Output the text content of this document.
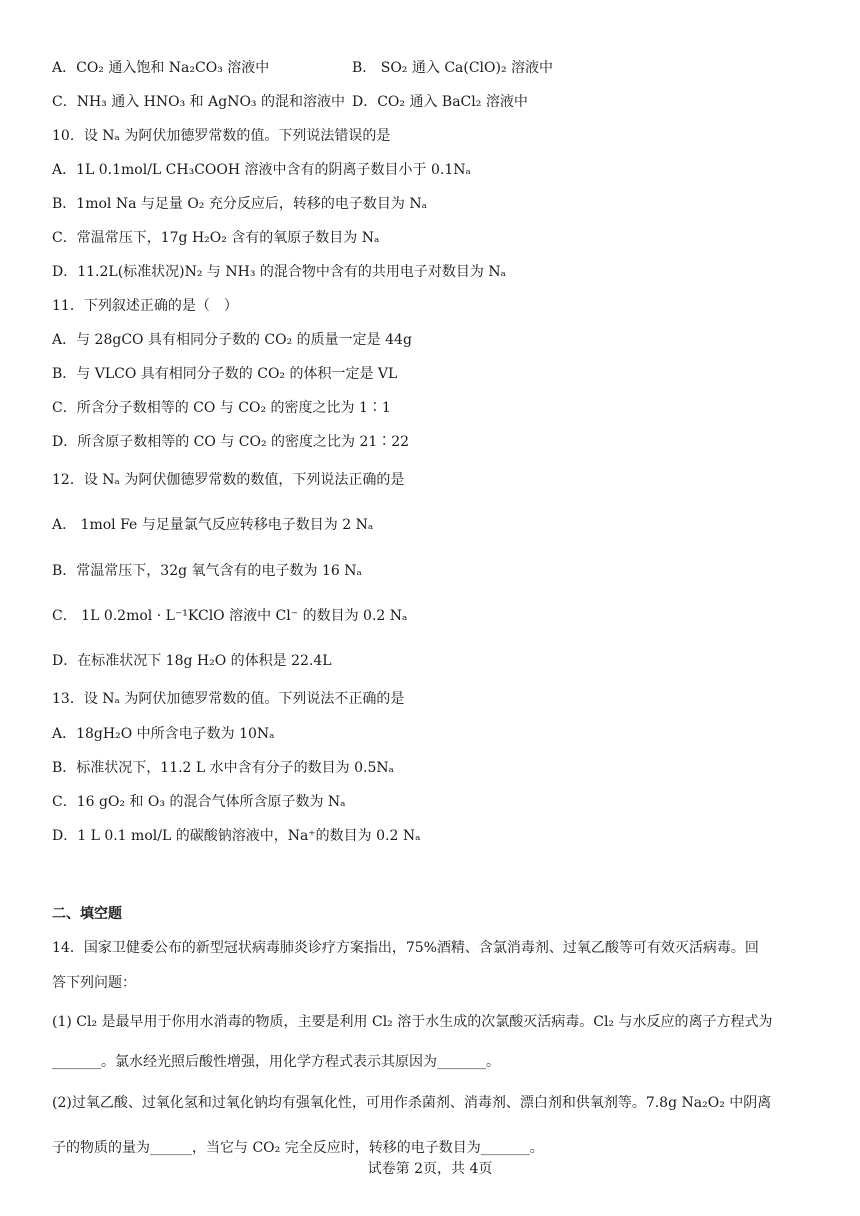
A．CO₂ 通入饱和 Na₂CO₃ 溶液中	B． SO₂ 通入 Ca(ClO)₂ 溶液中
C．NH₃ 通入 HNO₃ 和 AgNO₃ 的混和溶液中 D．CO₂ 通入 BaCl₂ 溶液中
10．设 Nₐ 为阿伏加德罗常数的值。下列说法错误的是
A．1L 0.1mol/L CH₃COOH 溶液中含有的阴离子数目小于 0.1Nₐ
B．1mol Na 与足量 O₂ 充分反应后，转移的电子数目为 Nₐ
C．常温常压下，17g H₂O₂ 含有的氧原子数目为 Nₐ
D．11.2L(标准状况)N₂ 与 NH₃ 的混合物中含有的共用电子对数目为 Nₐ
11．下列叙述正确的是（　）
A．与 28gCO 具有相同分子数的 CO₂ 的质量一定是 44g
B．与 VLCO 具有相同分子数的 CO₂ 的体积一定是 VL
C．所含分子数相等的 CO 与 CO₂ 的密度之比为 1∶1
D．所含原子数相等的 CO 与 CO₂ 的密度之比为 21∶22
12．设 Nₐ 为阿伏伽德罗常数的数值，下列说法正确的是
A． 1mol Fe 与足量氯气反应转移电子数目为 2 Nₐ
B．常温常压下，32g 氧气含有的电子数为 16 Nₐ
C． 1L 0.2mol · L⁻¹KClO 溶液中 Cl⁻ 的数目为 0.2 Nₐ
D．在标准状况下 18g H₂O 的体积是 22.4L
13．设 Nₐ 为阿伏加德罗常数的值。下列说法不正确的是
A．18gH₂O 中所含电子数为 10Nₐ
B．标准状况下，11.2 L 水中含有分子的数目为 0.5Nₐ
C．16 gO₂ 和 O₃ 的混合气体所含原子数为 Nₐ
D．1 L 0.1 mol/L 的碳酸钠溶液中，Na⁺的数目为 0.2 Nₐ
二、填空题
14．国家卫健委公布的新型冠状病毒肺炎诊疗方案指出，75%酒精、含氯消毒剂、过氧乙酸等可有效灭活病毒。回
答下列问题：
(1) Cl₂ 是最早用于你用水消毒的物质，主要是利用 Cl₂ 溶于水生成的次氯酸灭活病毒。Cl₂ 与水反应的离子方程式为
_______。氯水经光照后酸性增强，用化学方程式表示其原因为_______。
(2)过氧乙酸、过氧化氢和过氧化钠均有强氧化性，可用作杀菌剂、消毒剂、漂白剂和供氧剂等。7.8g Na₂O₂ 中阴离
子的物质的量为______，当它与 CO₂ 完全反应时，转移的电子数目为_______。
试卷第 2页，共 4页
